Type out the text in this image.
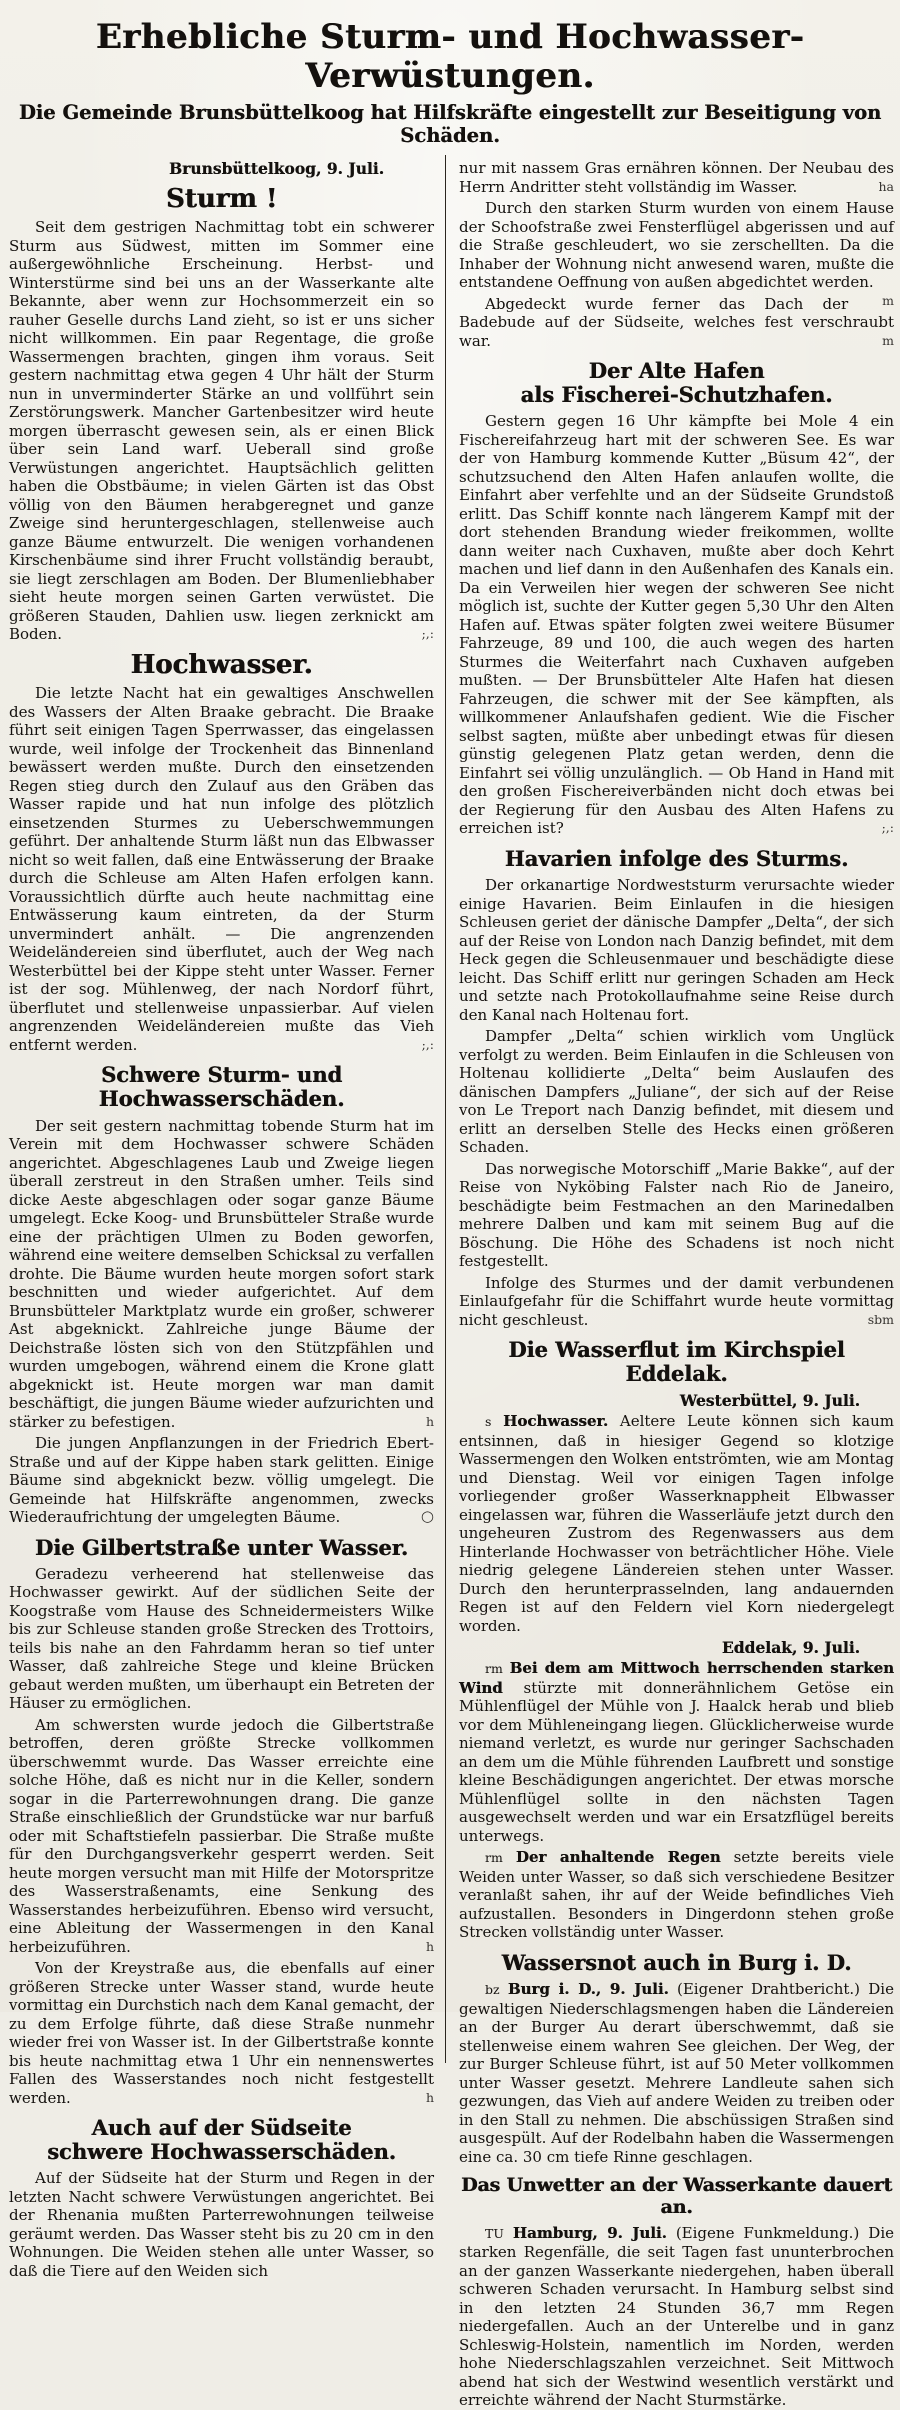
Erhebliche Sturm- und Hochwasser-Verwüstungen.
Die Gemeinde Brunsbüttelkoog hat Hilfskräfte eingestellt zur Beseitigung von Schäden.

Brunsbüttelkoog, 9. Juli.

Sturm !

Seit dem gestrigen Nachmittag tobt ein schwerer Sturm aus Südwest, mitten im Sommer eine außergewöhnliche Erscheinung. Herbst- und Winterstürme sind bei uns an der Wasserkante alte Bekannte, aber wenn zur Hochsommerzeit ein so rauher Geselle durchs Land zieht, so ist er uns sicher nicht willkommen. Ein paar Regentage, die große Wassermengen brachten, gingen ihm voraus. Seit gestern nachmittag etwa gegen 4 Uhr hält der Sturm nun in unverminderter Stärke an und vollführt sein Zerstörungswerk. Mancher Gartenbesitzer wird heute morgen überrascht gewesen sein, als er einen Blick über sein Land warf. Ueberall sind große Verwüstungen angerichtet. Hauptsächlich gelitten haben die Obstbäume; in vielen Gärten ist das Obst völlig von den Bäumen herabgeregnet und ganze Zweige sind heruntergeschlagen, stellenweise auch ganze Bäume entwurzelt. Die wenigen vorhandenen Kirschenbäume sind ihrer Frucht vollständig beraubt, sie liegt zerschlagen am Boden. Der Blumenliebhaber sieht heute morgen seinen Garten verwüstet. Die größeren Stauden, Dahlien usw. liegen zerknickt am Boden.	;,:

Hochwasser.

Die letzte Nacht hat ein gewaltiges Anschwellen des Wassers der Alten Braake gebracht. Die Braake führt seit einigen Tagen Sperrwasser, das eingelassen wurde, weil infolge der Trockenheit das Binnenland bewässert werden mußte. Durch den einsetzenden Regen stieg durch den Zulauf aus den Gräben das Wasser rapide und hat nun infolge des plötzlich einsetzenden Sturmes zu Ueberschwemmungen geführt. Der anhaltende Sturm läßt nun das Elbwasser nicht so weit fallen, daß eine Entwässerung der Braake durch die Schleuse am Alten Hafen erfolgen kann. Voraussichtlich dürfte auch heute nachmittag eine Entwässerung kaum eintreten, da der Sturm unvermindert anhält. — Die angrenzenden Weideländereien sind überflutet, auch der Weg nach Westerbüttel bei der Kippe steht unter Wasser. Ferner ist der sog. Mühlenweg, der nach Nordorf führt, überflutet und stellenweise unpassierbar. Auf vielen angrenzenden Weideländereien mußte das Vieh entfernt werden.	;,:

Schwere Sturm- und Hochwasserschäden.

Der seit gestern nachmittag tobende Sturm hat im Verein mit dem Hochwasser schwere Schäden angerichtet. Abgeschlagenes Laub und Zweige liegen überall zerstreut in den Straßen umher. Teils sind dicke Aeste abgeschlagen oder sogar ganze Bäume umgelegt. Ecke Koog- und Brunsbütteler Straße wurde eine der prächtigen Ulmen zu Boden geworfen, während eine weitere demselben Schicksal zu verfallen drohte. Die Bäume wurden heute morgen sofort stark beschnitten und wieder aufgerichtet. Auf dem Brunsbütteler Marktplatz wurde ein großer, schwerer Ast abgeknickt. Zahlreiche junge Bäume der Deichstraße lösten sich von den Stützpfählen und wurden umgebogen, während einem die Krone glatt abgeknickt ist. Heute morgen war man damit beschäftigt, die jungen Bäume wieder aufzurichten und stärker zu befestigen.	h

Die jungen Anpflanzungen in der Friedrich Ebert-Straße und auf der Kippe haben stark gelitten. Einige Bäume sind abgeknickt bezw. völlig umgelegt. Die Gemeinde hat Hilfskräfte angenommen, zwecks Wiederaufrichtung der umgelegten Bäume.	○

Die Gilbertstraße unter Wasser.

Geradezu verheerend hat stellenweise das Hochwasser gewirkt. Auf der südlichen Seite der Koogstraße vom Hause des Schneidermeisters Wilke bis zur Schleuse standen große Strecken des Trottoirs, teils bis nahe an den Fahrdamm heran so tief unter Wasser, daß zahlreiche Stege und kleine Brücken gebaut werden mußten, um überhaupt ein Betreten der Häuser zu ermöglichen.

Am schwersten wurde jedoch die Gilbertstraße betroffen, deren größte Strecke vollkommen überschwemmt wurde. Das Wasser erreichte eine solche Höhe, daß es nicht nur in die Keller, sondern sogar in die Parterrewohnungen drang. Die ganze Straße einschließlich der Grundstücke war nur barfuß oder mit Schaftstiefeln passierbar. Die Straße mußte für den Durchgangsverkehr gesperrt werden. Seit heute morgen versucht man mit Hilfe der Motorspritze des Wasserstraßenamts, eine Senkung des Wasserstandes herbeizuführen. Ebenso wird versucht, eine Ableitung der Wassermengen in den Kanal herbeizuführen.	h

Von der Kreystraße aus, die ebenfalls auf einer größeren Strecke unter Wasser stand, wurde heute vormittag ein Durchstich nach dem Kanal gemacht, der zu dem Erfolge führte, daß diese Straße nunmehr wieder frei von Wasser ist. In der Gilbertstraße konnte bis heute nachmittag etwa 1 Uhr ein nennenswertes Fallen des Wasserstandes noch nicht festgestellt werden.	h

Auch auf der Südseite
schwere Hochwasserschäden.

Auf der Südseite hat der Sturm und Regen in der letzten Nacht schwere Verwüstungen angerichtet. Bei der Rhenania mußten Parterrewohnungen teilweise geräumt werden. Das Wasser steht bis zu 20 cm in den Wohnungen. Die Weiden stehen alle unter Wasser, so daß die Tiere auf den Weiden sich

nur mit nassem Gras ernähren können. Der Neubau des Herrn Andritter steht vollständig im Wasser.	ha

Durch den starken Sturm wurden von einem Hause der Schoofstraße zwei Fensterflügel abgerissen und auf die Straße geschleudert, wo sie zerschellten. Da die Inhaber der Wohnung nicht anwesend waren, mußte die entstandene Oeffnung von außen abgedichtet werden.
m

Abgedeckt wurde ferner das Dach der Badebude auf der Südseite, welches fest verschraubt war.	m

Der Alte Hafen
als Fischerei-Schutzhafen.

Gestern gegen 16 Uhr kämpfte bei Mole 4 ein Fischereifahrzeug hart mit der schweren See. Es war der von Hamburg kommende Kutter „Büsum 42“, der schutzsuchend den Alten Hafen anlaufen wollte, die Einfahrt aber verfehlte und an der Südseite Grundstoß erlitt. Das Schiff konnte nach längerem Kampf mit der dort stehenden Brandung wieder freikommen, wollte dann weiter nach Cuxhaven, mußte aber doch Kehrt machen und lief dann in den Außenhafen des Kanals ein. Da ein Verweilen hier wegen der schweren See nicht möglich ist, suchte der Kutter gegen 5,30 Uhr den Alten Hafen auf. Etwas später folgten zwei weitere Büsumer Fahrzeuge, 89 und 100, die auch wegen des harten Sturmes die Weiterfahrt nach Cuxhaven aufgeben mußten. — Der Brunsbütteler Alte Hafen hat diesen Fahrzeugen, die schwer mit der See kämpften, als willkommener Anlaufshafen gedient. Wie die Fischer selbst sagten, müßte aber unbedingt etwas für diesen günstig gelegenen Platz getan werden, denn die Einfahrt sei völlig unzulänglich. — Ob Hand in Hand mit den großen Fischereiverbänden nicht doch etwas bei der Regierung für den Ausbau des Alten Hafens zu erreichen ist?	;,:

Havarien infolge des Sturms.

Der orkanartige Nordweststurm verursachte wieder einige Havarien. Beim Einlaufen in die hiesigen Schleusen geriet der dänische Dampfer „Delta“, der sich auf der Reise von London nach Danzig befindet, mit dem Heck gegen die Schleusenmauer und beschädigte diese leicht. Das Schiff erlitt nur geringen Schaden am Heck und setzte nach Protokollaufnahme seine Reise durch den Kanal nach Holtenau fort.

Dampfer „Delta“ schien wirklich vom Unglück verfolgt zu werden. Beim Einlaufen in die Schleusen von Holtenau kollidierte „Delta“ beim Auslaufen des dänischen Dampfers „Juliane“, der sich auf der Reise von Le Treport nach Danzig befindet, mit diesem und erlitt an derselben Stelle des Hecks einen größeren Schaden.

Das norwegische Motorschiff „Marie Bakke“, auf der Reise von Nyköbing Falster nach Rio de Janeiro, beschädigte beim Festmachen an den Marinedalben mehrere Dalben und kam mit seinem Bug auf die Böschung. Die Höhe des Schadens ist noch nicht festgestellt.

Infolge des Sturmes und der damit verbundenen Einlaufgefahr für die Schiffahrt wurde heute vormittag nicht geschleust.	sbm

Die Wasserflut im Kirchspiel Eddelak.

Westerbüttel, 9. Juli.

s Hochwasser. Aeltere Leute können sich kaum entsinnen, daß in hiesiger Gegend so klotzige Wassermengen den Wolken entströmten, wie am Montag und Dienstag. Weil vor einigen Tagen infolge vorliegender großer Wasserknappheit Elbwasser eingelassen war, führen die Wasserläufe jetzt durch den ungeheuren Zustrom des Regenwassers aus dem Hinterlande Hochwasser von beträchtlicher Höhe. Viele niedrig gelegene Ländereien stehen unter Wasser. Durch den herunterprasselnden, lang andauernden Regen ist auf den Feldern viel Korn niedergelegt worden.

Eddelak, 9. Juli.

rm Bei dem am Mittwoch herrschenden starken Wind stürzte mit donnerähnlichem Getöse ein Mühlenflügel der Mühle von J. Haalck herab und blieb vor dem Mühleneingang liegen. Glücklicherweise wurde niemand verletzt, es wurde nur geringer Sachschaden an dem um die Mühle führenden Laufbrett und sonstige kleine Beschädigungen angerichtet. Der etwas morsche Mühlenflügel sollte in den nächsten Tagen ausgewechselt werden und war ein Ersatzflügel bereits unterwegs.

rm Der anhaltende Regen setzte bereits viele Weiden unter Wasser, so daß sich verschiedene Besitzer veranlaßt sahen, ihr auf der Weide befindliches Vieh aufzustallen. Besonders in Dingerdonn stehen große Strecken vollständig unter Wasser.

Wassersnot auch in Burg i. D.

bz Burg i. D., 9. Juli. (Eigener Drahtbericht.) Die gewaltigen Niederschlagsmengen haben die Ländereien an der Burger Au derart überschwemmt, daß sie stellenweise einem wahren See gleichen. Der Weg, der zur Burger Schleuse führt, ist auf 50 Meter vollkommen unter Wasser gesetzt. Mehrere Landleute sahen sich gezwungen, das Vieh auf andere Weiden zu treiben oder in den Stall zu nehmen. Die abschüssigen Straßen sind ausgespült. Auf der Rodelbahn haben die Wassermengen eine ca. 30 cm tiefe Rinne geschlagen.

Das Unwetter an der Wasserkante dauert an.

TU Hamburg, 9. Juli. (Eigene Funkmeldung.) Die starken Regenfälle, die seit Tagen fast ununterbrochen an der ganzen Wasserkante niedergehen, haben überall schweren Schaden verursacht. In Hamburg selbst sind in den letzten 24 Stunden 36,7 mm Regen niedergefallen. Auch an der Unterelbe und in ganz Schleswig-Holstein, namentlich im Norden, werden hohe Niederschlagszahlen verzeichnet. Seit Mittwoch abend hat sich der Westwind wesentlich verstärkt und erreichte während der Nacht Sturmstärke.
